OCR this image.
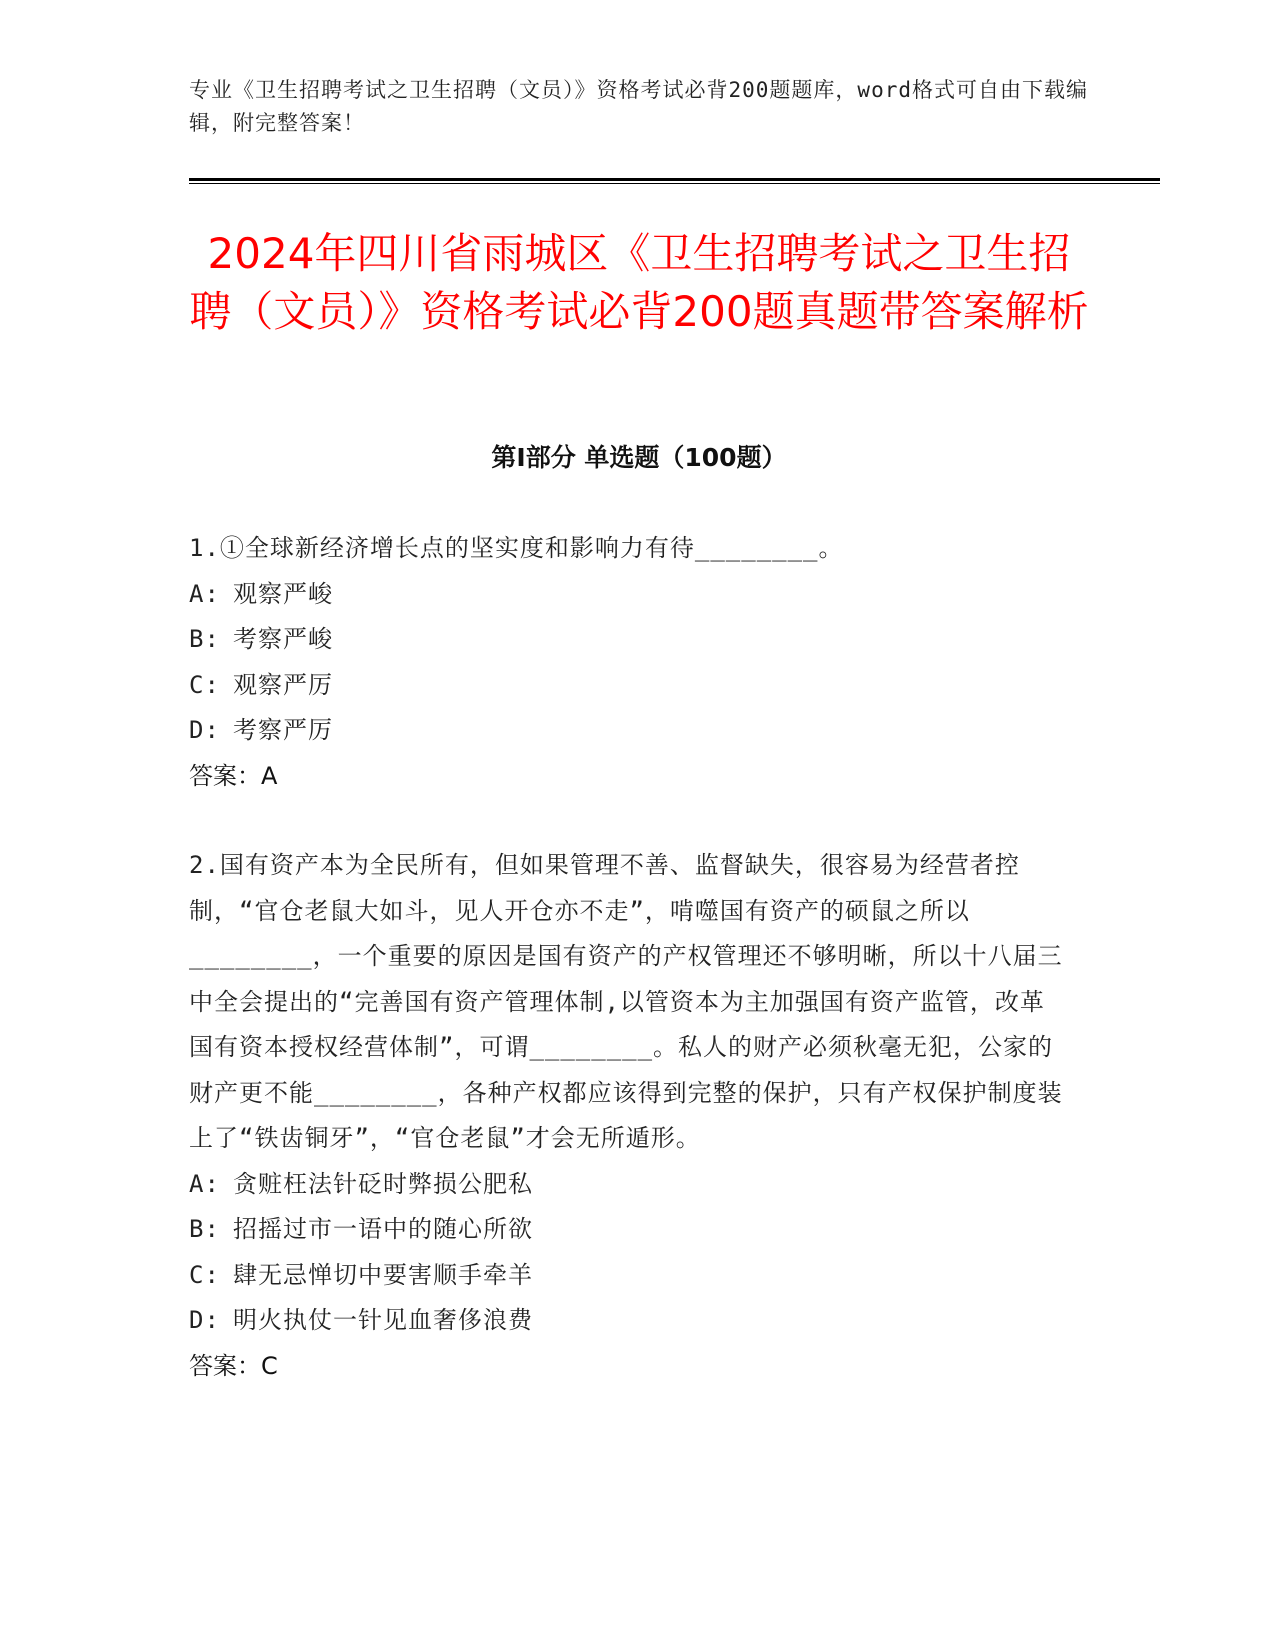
专业《卫生招聘考试之卫生招聘（文员）》资格考试必背200题题库，word格式可自由下载编辑，附完整答案！
2024年四川省雨城区《卫生招聘考试之卫生招聘（文员）》资格考试必背200题真题带答案解析
第I部分 单选题（100题）

1.①全球新经济增长点的坚实度和影响力有待________。

A: 观察严峻

B: 考察严峻

C: 观察严厉

D: 考察严厉

答案：A

2.国有资产本为全民所有，但如果管理不善、监督缺失，很容易为经营者控制，“官仓老鼠大如斗，见人开仓亦不走”，啃噬国有资产的硕鼠之所以________，一个重要的原因是国有资产的产权管理还不够明晰，所以十八届三中全会提出的“完善国有资产管理体制,以管资本为主加强国有资产监管，改革国有资本授权经营体制”，可谓________。私人的财产必须秋毫无犯，公家的财产更不能________，各种产权都应该得到完整的保护，只有产权保护制度装上了“铁齿铜牙”，“官仓老鼠”才会无所遁形。

A: 贪赃枉法针砭时弊损公肥私

B: 招摇过市一语中的随心所欲

C: 肆无忌惮切中要害顺手牵羊

D: 明火执仗一针见血奢侈浪费

答案：C
